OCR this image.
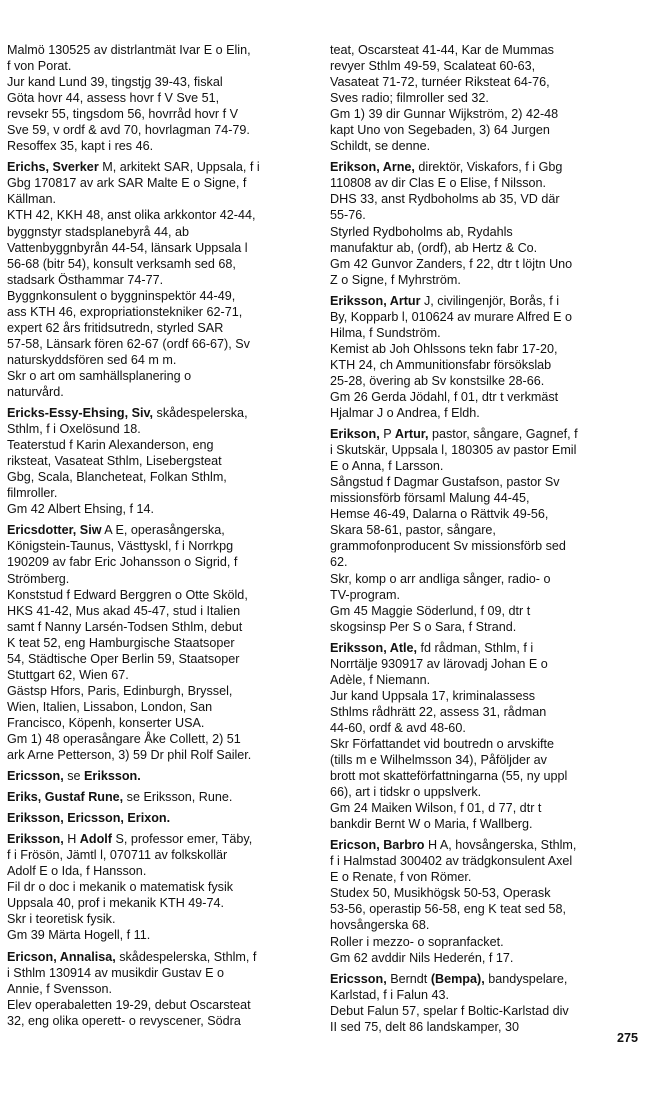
Malmö 130525 av distrlantmät Ivar E o Elin,
f von Porat.
Jur kand Lund 39, tingstjg 39-43, fiskal
Göta hovr 44, assess hovr f V Sve 51,
revsekr 55, tingsdom 56, hovrråd hovr f V
Sve 59, v ordf & avd 70, hovrlagman 74-79.
Resoffex 35, kapt i res 46.
Erichs, Sverker M, arkitekt SAR, Uppsala, f i
Gbg 170817 av ark SAR Malte E o Signe, f
Källman.
KTH 42, KKH 48, anst olika arkkontor 42-44,
byggnstyr stadsplanebyrå 44, ab
Vattenbyggnbyrån 44-54, länsark Uppsala l
56-68 (bitr 54), konsult verksamh sed 68,
stadsark Östhammar 74-77.
Byggnkonsulent o byggninspektör 44-49,
ass KTH 46, expropriationstekniker 62-71,
expert 62 års fritidsutredn, styrled SAR
57-58, Länsark fören 62-67 (ordf 66-67), Sv
naturskyddsfören sed 64 m m.
Skr o art om samhällsplanering o
naturvård.
Ericks-Essy-Ehsing, Siv, skådespelerska,
Sthlm, f i Oxelösund 18.
Teaterstud f Karin Alexanderson, eng
riksteat, Vasateat Sthlm, Lisebergsteat
Gbg, Scala, Blancheteat, Folkan Sthlm,
filmroller.
Gm 42 Albert Ehsing, f 14.
Ericsdotter, Siw A E, operasångerska,
Königstein-Taunus, Västtyskl, f i Norrkpg
190209 av fabr Eric Johansson o Sigrid, f
Strömberg.
Konststud f Edward Berggren o Otte Sköld,
HKS 41-42, Mus akad 45-47, stud i Italien
samt f Nanny Larsén-Todsen Sthlm, debut
K teat 52, eng Hamburgische Staatsoper
54, Städtische Oper Berlin 59, Staatsoper
Stuttgart 62, Wien 67.
Gästsp Hfors, Paris, Edinburgh, Bryssel,
Wien, Italien, Lissabon, London, San
Francisco, Köpenh, konserter USA.
Gm 1) 48 operasångare Åke Collett, 2) 51
ark Arne Petterson, 3) 59 Dr phil Rolf Sailer.
Ericsson, se Eriksson.
Eriks, Gustaf Rune, se Eriksson, Rune.
Eriksson, Ericsson, Erixon.
Eriksson, H Adolf S, professor emer, Täby,
f i Frösön, Jämtl l, 070711 av folkskollär
Adolf E o Ida, f Hansson.
Fil dr o doc i mekanik o matematisk fysik
Uppsala 40, prof i mekanik KTH 49-74.
Skr i teoretisk fysik.
Gm 39 Märta Hogell, f 11.
Ericson, Annalisa, skådespelerska, Sthlm, f
i Sthlm 130914 av musikdir Gustav E o
Annie, f Svensson.
Elev operabaletten 19-29, debut Oscarsteat
32, eng olika operett- o revyscener, Södra
teat, Oscarsteat 41-44, Kar de Mummas
revyer Sthlm 49-59, Scalateat 60-63,
Vasateat 71-72, turnéer Riksteat 64-76,
Sves radio; filmroller sed 32.
Gm 1) 39 dir Gunnar Wijkström, 2) 42-48
kapt Uno von Segebaden, 3) 64 Jurgen
Schildt, se denne.
Erikson, Arne, direktör, Viskafors, f i Gbg
110808 av dir Clas E o Elise, f Nilsson.
DHS 33, anst Rydboholms ab 35, VD där
55-76.
Styrled Rydboholms ab, Rydahls
manufaktur ab, (ordf), ab Hertz & Co.
Gm 42 Gunvor Zanders, f 22, dtr t löjtn Uno
Z o Signe, f Myhrström.
Eriksson, Artur J, civilingenjör, Borås, f i
By, Kopparb l, 010624 av murare Alfred E o
Hilma, f Sundström.
Kemist ab Joh Ohlssons tekn fabr 17-20,
KTH 24, ch Ammunitionsfabr försökslab
25-28, övering ab Sv konstsilke 28-66.
Gm 26 Gerda Jödahl, f 01, dtr t verkmäst
Hjalmar J o Andrea, f Eldh.
Erikson, P Artur, pastor, sångare, Gagnef, f
i Skutskär, Uppsala l, 180305 av pastor Emil
E o Anna, f Larsson.
Sångstud f Dagmar Gustafson, pastor Sv
missionsförb församl Malung 44-45,
Hemse 46-49, Dalarna o Rättvik 49-56,
Skara 58-61, pastor, sångare,
grammofonproducent Sv missionsförb sed
62.
Skr, komp o arr andliga sånger, radio- o
TV-program.
Gm 45 Maggie Söderlund, f 09, dtr t
skogsinsp Per S o Sara, f Strand.
Eriksson, Atle, fd rådman, Sthlm, f i
Norrtälje 930917 av lärovadj Johan E o
Adèle, f Niemann.
Jur kand Uppsala 17, kriminalassess
Sthlms rådhrätt 22, assess 31, rådman
44-60, ordf & avd 48-60.
Skr Författandet vid boutredn o arvskifte
(tills m e Wilhelmsson 34), Påföljder av
brott mot skatteförfattningarna (55, ny uppl
66), art i tidskr o uppslverk.
Gm 24 Maiken Wilson, f 01, d 77, dtr t
bankdir Bernt W o Maria, f Wallberg.
Ericson, Barbro H A, hovsångerska, Sthlm,
f i Halmstad 300402 av trädgkonsulent Axel
E o Renate, f von Römer.
Studex 50, Musikhögsk 50-53, Operask
53-56, operastip 56-58, eng K teat sed 58,
hovsångerska 68.
Roller i mezzo- o sopranfacket.
Gm 62 avddir Nils Hederén, f 17.
Ericsson, Berndt (Bempa), bandyspelare,
Karlstad, f i Falun 43.
Debut Falun 57, spelar f Boltic-Karlstad div
II sed 75, delt 86 landskamper, 30
275
